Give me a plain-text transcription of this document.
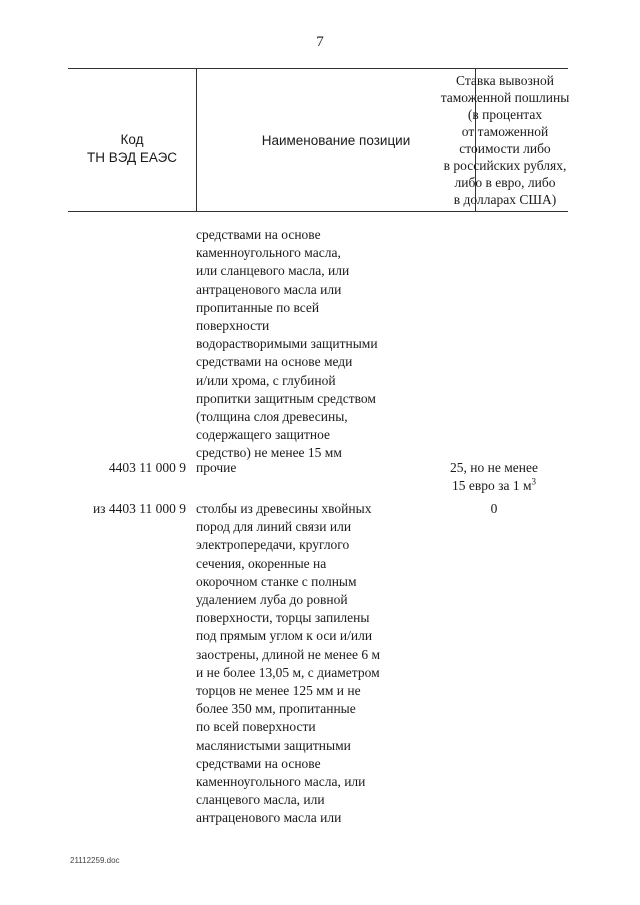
7
Код
ТН ВЭД ЕАЭС
Наименование позиции
Ставка вывозной
таможенной пошлины
(в процентах
от таможенной
стоимости либо
в российских рублях,
либо в евро, либо
в долларах США)
средствами на основе
каменноугольного масла,
или сланцевого масла, или
антраценового масла или
пропитанные по всей
поверхности
водорастворимыми защитными
средствами на основе меди
и/или хрома, с глубиной
пропитки защитным средством
(толщина слоя древесины,
содержащего защитное
средство) не менее 15 мм
4403 11 000 9 прочие	25, но не менее
15 евро за 1 $м^3$
из 4403 11 000 9 столбы из древесины хвойных
пород для линий связи или
электропередачи, круглого
сечения, окоренные на
окорочном станке с полным
удалением луба до ровной
поверхности, торцы запилены
под прямым углом к оси и/или
заострены, длиной не менее 6 м
и не более 13,05 м, с диаметром
торцов не менее 125 мм и не
более 350 мм, пропитанные
по всей поверхности
маслянистыми защитными
средствами на основе
каменноугольного масла, или
сланцевого масла, или
антраценового масла или
0
21112259.doc
